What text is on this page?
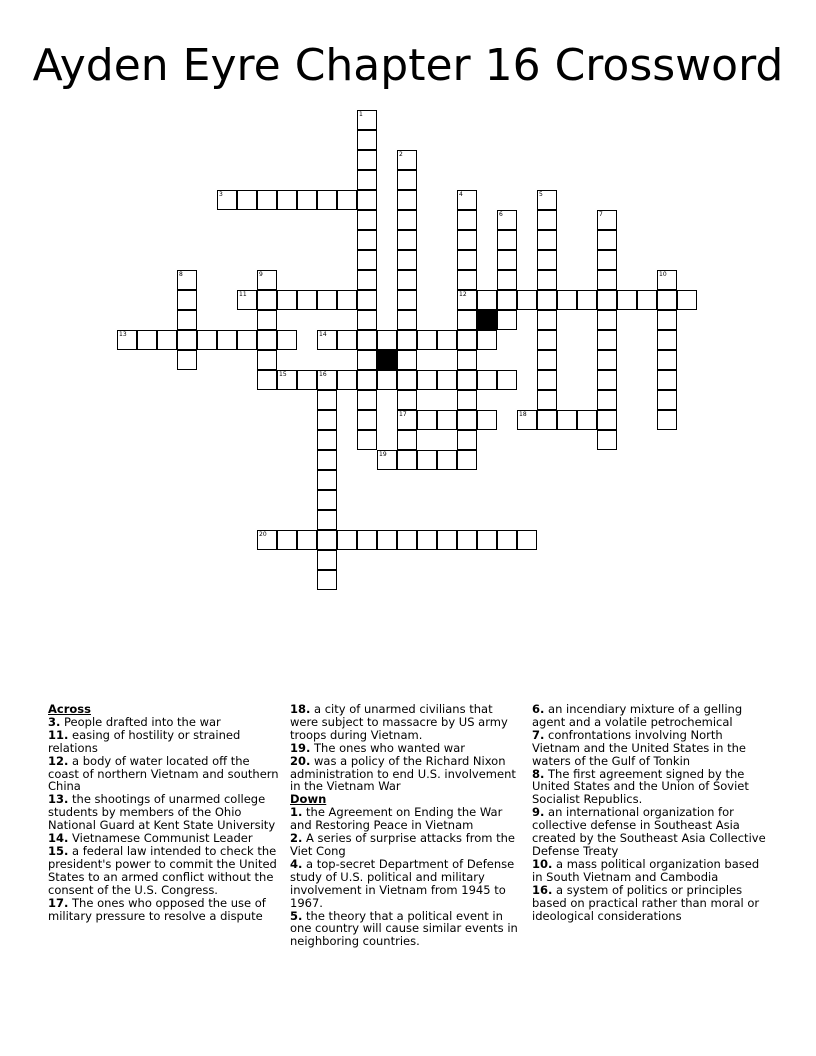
Ayden Eyre Chapter 16 Crossword
1
2
17
3	4
12
5
6	7
8	9	10
11
13	14
15	16
18
19
20
Across
3. People drafted into the war
11. easing of hostility or strained relations
12. a body of water located off the coast of northern Vietnam and southern China
13. the shootings of unarmed college students by members of the Ohio National Guard at Kent State University
14. Vietnamese Communist Leader
15. a federal law intended to check the president's power to commit the United States to an armed conflict without the consent of the U.S. Congress.
17. The ones who opposed the use of military pressure to resolve a dispute
18. a city of unarmed civilians that were subject to massacre by US army troops during Vietnam.
19. The ones who wanted war
20. was a policy of the Richard Nixon administration to end U.S. involvement in the Vietnam War
Down
1. the Agreement on Ending the War and Restoring Peace in Vietnam
2. A series of surprise attacks from the Viet Cong
4. a top-secret Department of Defense study of U.S. political and military involvement in Vietnam from 1945 to 1967.
5. the theory that a political event in one country will cause similar events in neighboring countries.
6. an incendiary mixture of a gelling agent and a volatile petrochemical
7. confrontations involving North Vietnam and the United States in the waters of the Gulf of Tonkin
8. The first agreement signed by the United States and the Union of Soviet Socialist Republics.
9. an international organization for collective defense in Southeast Asia created by the Southeast Asia Collective Defense Treaty
10. a mass political organization based in South Vietnam and Cambodia
16. a system of politics or principles based on practical rather than moral or ideological considerations
